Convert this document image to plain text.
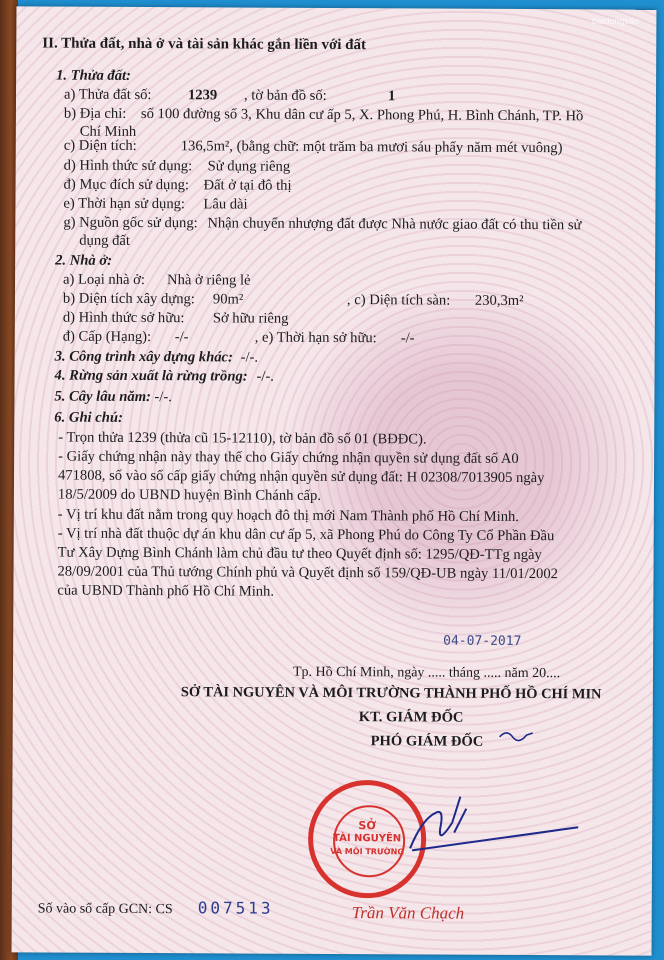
II. Thửa đất, nhà ở và tài sản khác gắn liền với đất
1. Thửa đất:
a) Thửa đất số: 1239 , tờ bản đồ số:	1
b) Địa chỉ: số 100 đường số 3, Khu dân cư ấp 5, X. Phong Phú, H. Bình Chánh, TP. Hồ
Chí Minh
c) Diện tích:	136,5m², (bằng chữ: một trăm ba mươi sáu phẩy năm mét vuông)
d) Hình thức sử dụng: Sử dụng riêng
đ) Mục đích sử dụng: Đất ở tại đô thị
e) Thời hạn sử dụng: Lâu dài
g) Nguồn gốc sử dụng: Nhận chuyển nhượng đất được Nhà nước giao đất có thu tiền sử
dụng đất
2. Nhà ở:
a) Loại nhà ở: Nhà ở riêng lẻ
b) Diện tích xây dựng: 90m²	, c) Diện tích sàn: 230,3m²
d) Hình thức sở hữu: Sở hữu riêng
đ) Cấp (Hạng): -/-	, e) Thời hạn sở hữu: -/-
3. Công trình xây dựng khác: -/-.
4. Rừng sản xuất là rừng trồng: -/-.
5. Cây lâu năm: -/-.
6. Ghi chú:
- Trọn thửa 1239 (thửa cũ 15-12110), tờ bản đồ số 01 (BĐĐC).
- Giấy chứng nhận này thay thế cho Giấy chứng nhận quyền sử dụng đất số A0
471808, số vào sổ cấp giấy chứng nhận quyền sử dụng đất: H 02308/7013905 ngày
18/5/2009 do UBND huyện Bình Chánh cấp.
- Vị trí khu đất nằm trong quy hoạch đô thị mới Nam Thành phố Hồ Chí Minh.
- Vị trí nhà đất thuộc dự án khu dân cư ấp 5, xã Phong Phú do Công Ty Cổ Phần Đầu
Tư Xây Dựng Bình Chánh làm chủ đầu tư theo Quyết định số: 1295/QĐ-TTg ngày
28/09/2001 của Thủ tướng Chính phủ và Quyết định số 159/QĐ-UB ngày 11/01/2002
của UBND Thành phố Hồ Chí Minh.
04-07-2017
Tp. Hồ Chí Minh, ngày ..... tháng ..... năm 20....
SỞ TÀI NGUYÊN VÀ MÔI TRƯỜNG THÀNH PHỐ HỒ CHÍ MIN
KT. GIÁM ĐỐC
PHÓ GIÁM ĐỐC
SỞ
TÀI NGUYÊN
VÀ MÔI TRƯỜNG
Trần Văn Chạch
Số vào sổ cấp GCN: CS 007513
batdongsan
